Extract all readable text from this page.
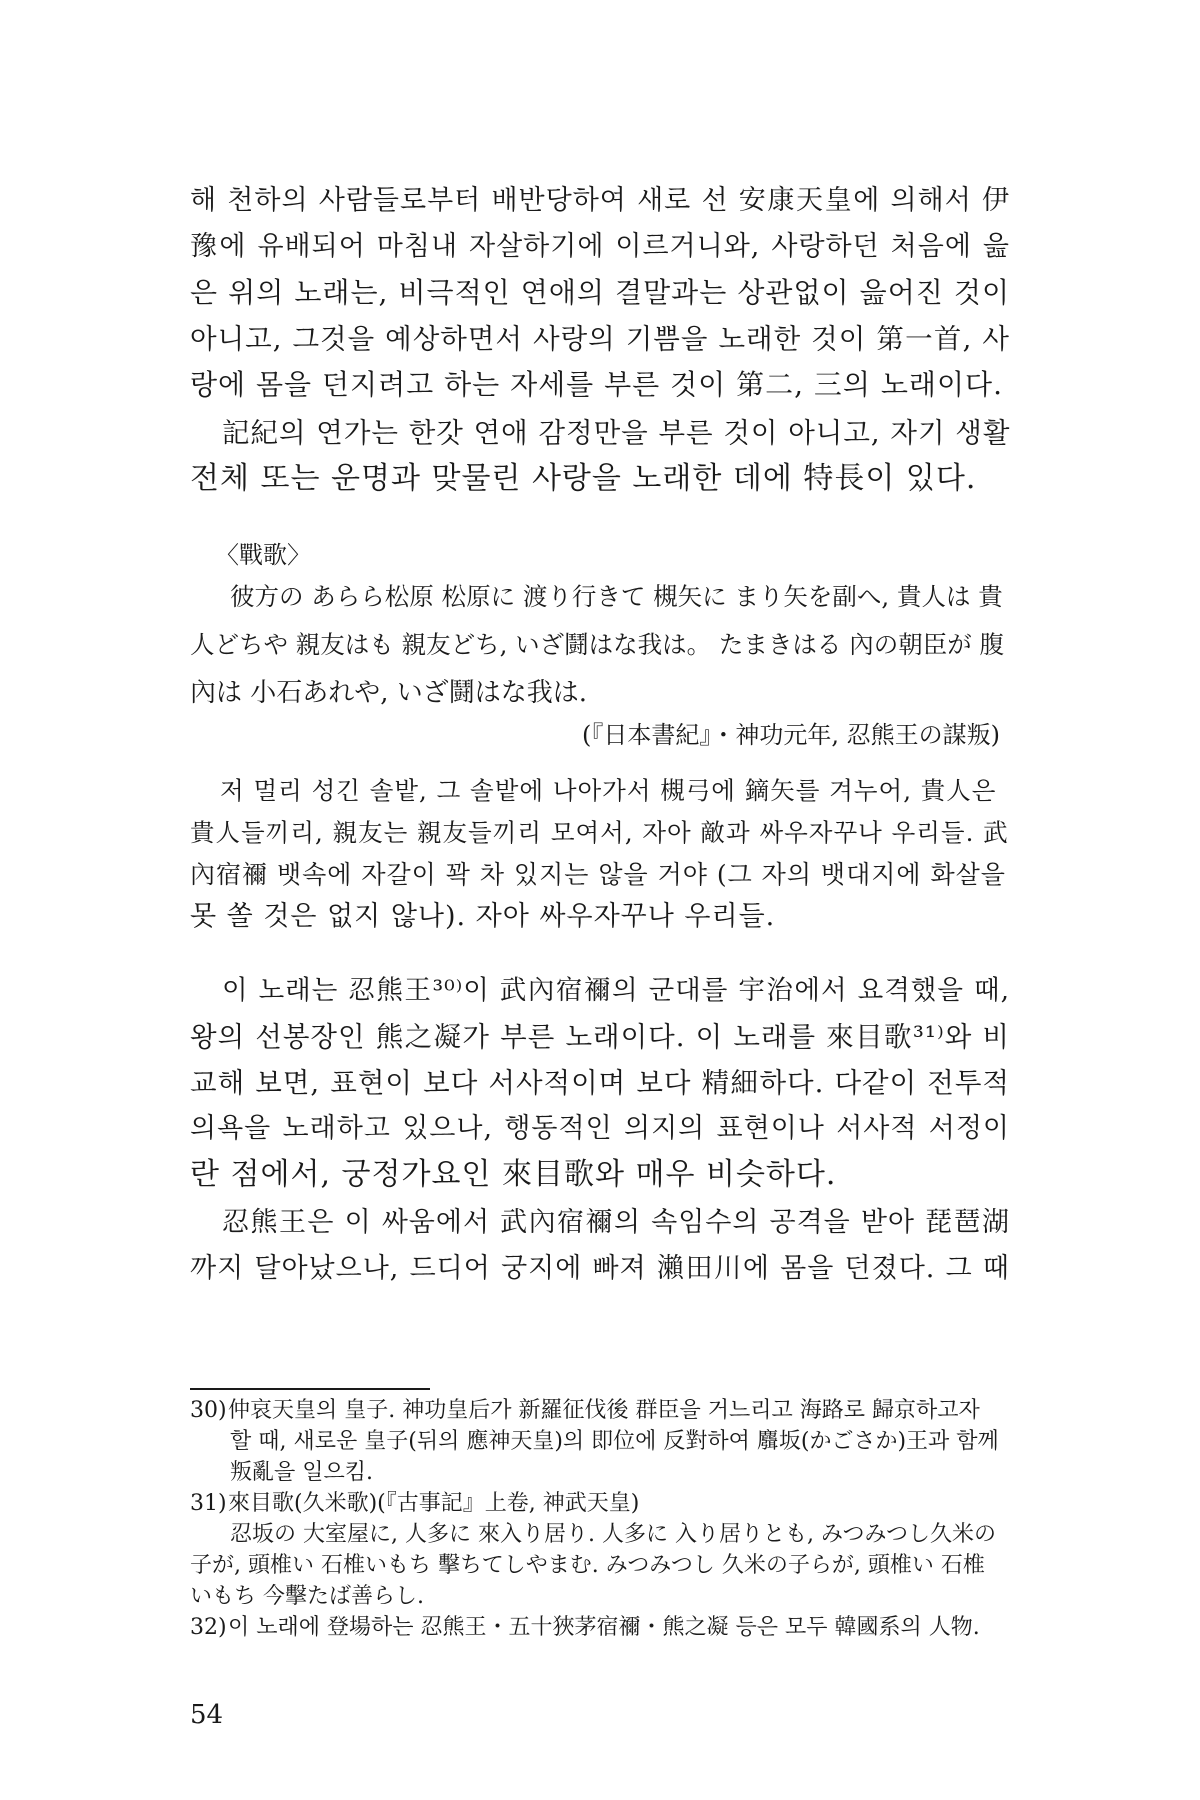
해 천하의 사람들로부터 배반당하여 새로 선 安康天皇에 의해서 伊
豫에 유배되어 마침내 자살하기에 이르거니와, 사랑하던 처음에 읊
은 위의 노래는, 비극적인 연애의 결말과는 상관없이 읊어진 것이
아니고, 그것을 예상하면서 사랑의 기쁨을 노래한 것이 第一首, 사
랑에 몸을 던지려고 하는 자세를 부른 것이 第二, 三의 노래이다.
記紀의 연가는 한갓 연애 감정만을 부른 것이 아니고, 자기 생활
전체 또는 운명과 맞물린 사랑을 노래한 데에 特長이 있다.
〈戰歌〉
彼方の あらら松原 松原に 渡り行きて 槻矢に まり矢を副へ, 貴人は 貴
人どちや 親友はも 親友どち, いざ鬪はな我は。 たまきはる 內の朝臣が 腹
內は 小石あれや, いざ鬪はな我は.
(『日本書紀』・神功元年, 忍熊王の謀叛)
저 멀리 성긴 솔밭, 그 솔밭에 나아가서 槻弓에 鏑矢를 겨누어, 貴人은
貴人들끼리, 親友는 親友들끼리 모여서, 자아 敵과 싸우자꾸나 우리들. 武
內宿禰 뱃속에 자갈이 꽉 차 있지는 않을 거야 (그 자의 뱃대지에 화살을
못 쏠 것은 없지 않나). 자아 싸우자꾸나 우리들.
이 노래는 忍熊王³⁰⁾이 武內宿禰의 군대를 宇治에서 요격했을 때,
왕의 선봉장인 熊之凝가 부른 노래이다. 이 노래를 來目歌³¹⁾와 비
교해 보면, 표현이 보다 서사적이며 보다 精細하다. 다같이 전투적
의욕을 노래하고 있으나, 행동적인 의지의 표현이나 서사적 서정이
란 점에서, 궁정가요인 來目歌와 매우 비슷하다.
忍熊王은 이 싸움에서 武內宿禰의 속임수의 공격을 받아 琵琶湖
까지 달아났으나, 드디어 궁지에 빠져 瀨田川에 몸을 던졌다. 그 때
30)仲哀天皇의 皇子. 神功皇后가 新羅征伐後 群臣을 거느리고 海路로 歸京하고자
할 때, 새로운 皇子(뒤의 應神天皇)의 即位에 反對하여 麛坂(かごさか)王과 함께
叛亂을 일으킴.
31)來目歌(久米歌)(『古事記』上卷, 神武天皇)
忍坂の 大室屋に, 人多に 來入り居り. 人多に 入り居りとも, みつみつし久米の
子が, 頭椎い 石椎いもち 擊ちてしやまむ. みつみつし 久米の子らが, 頭椎い 石椎
いもち 今擊たば善らし.
32)이 노래에 登場하는 忍熊王・五十狹茅宿禰・熊之凝 등은 모두 韓國系의 人物.
54
